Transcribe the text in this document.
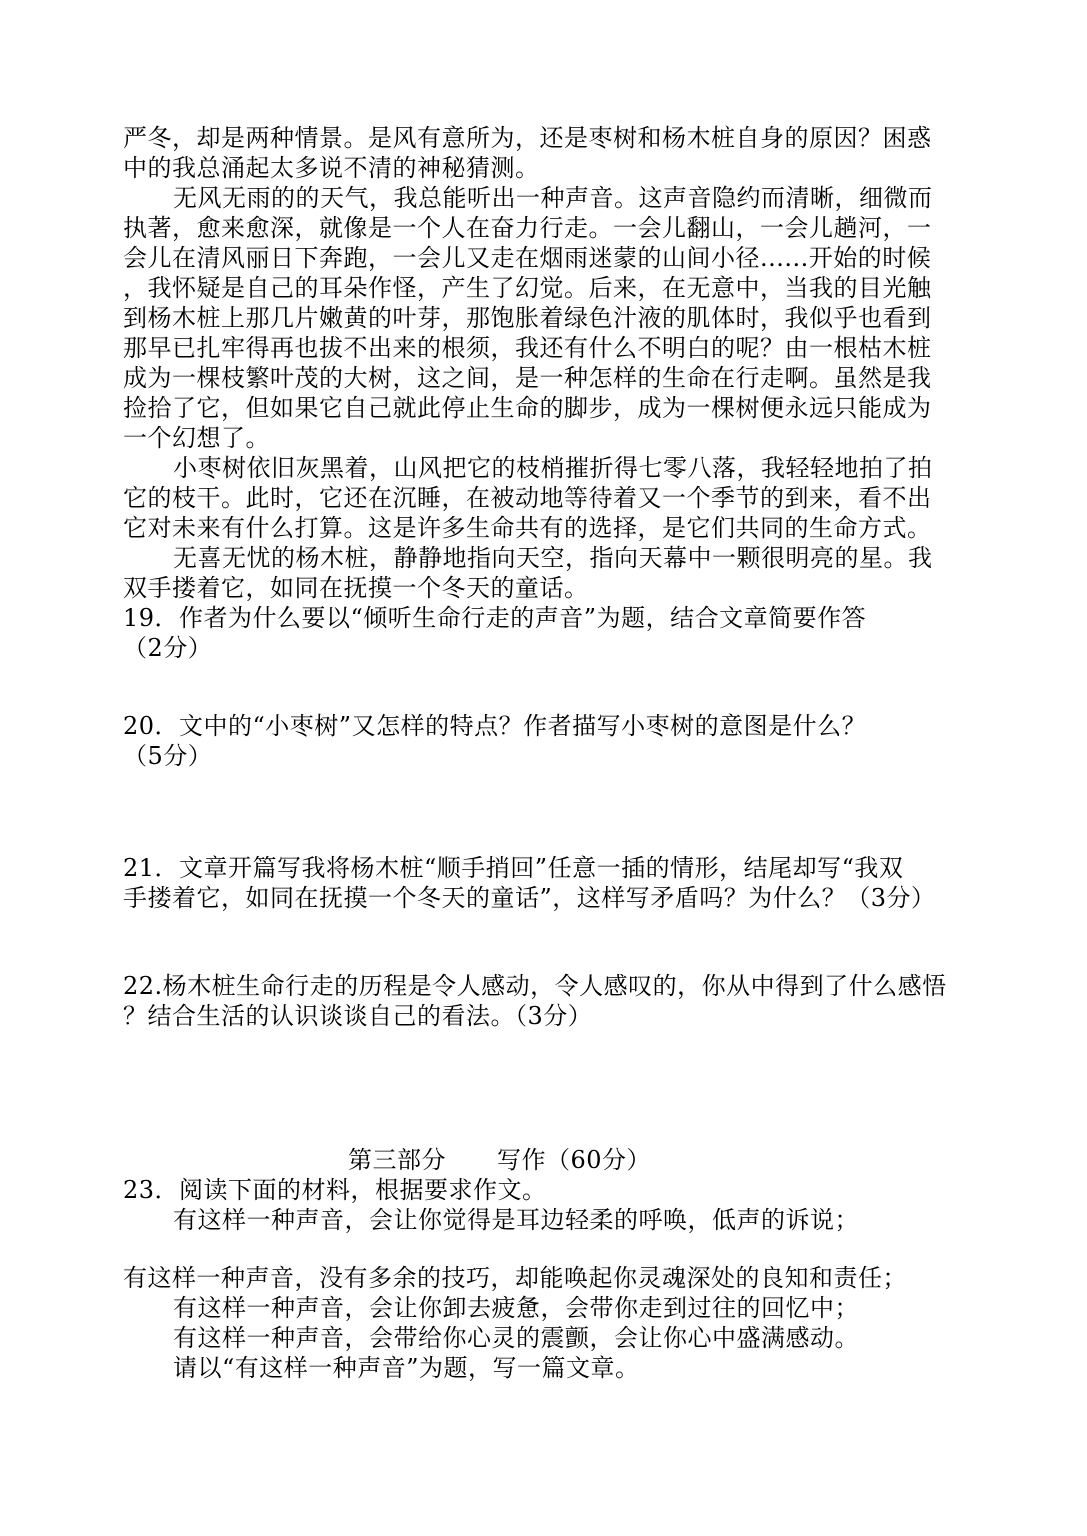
严冬，却是两种情景。是风有意所为，还是枣树和杨木桩自身的原因？困惑
中的我总涌起太多说不清的神秘猜测。
无风无雨的的天气，我总能听出一种声音。这声音隐约而清晰，细微而
执著，愈来愈深，就像是一个人在奋力行走。一会儿翻山，一会儿趟河，一
会儿在清风丽日下奔跑，一会儿又走在烟雨迷蒙的山间小径......开始的时候
，我怀疑是自己的耳朵作怪，产生了幻觉。后来，在无意中，当我的目光触
到杨木桩上那几片嫩黄的叶芽，那饱胀着绿色汁液的肌体时，我似乎也看到
那早已扎牢得再也拔不出来的根须，我还有什么不明白的呢？由一根枯木桩
成为一棵枝繁叶茂的大树，这之间，是一种怎样的生命在行走啊。虽然是我
捡拾了它，但如果它自己就此停止生命的脚步，成为一棵树便永远只能成为
一个幻想了。
小枣树依旧灰黑着，山风把它的枝梢摧折得七零八落，我轻轻地拍了拍
它的枝干。此时，它还在沉睡，在被动地等待着又一个季节的到来，看不出
它对未来有什么打算。这是许多生命共有的选择，是它们共同的生命方式。
无喜无忧的杨木桩，静静地指向天空，指向天幕中一颗很明亮的星。我
双手搂着它，如同在抚摸一个冬天的童话。
19．作者为什么要以“倾听生命行走的声音”为题，结合文章简要作答
（2分）
20．文中的“小枣树”又怎样的特点？作者描写小枣树的意图是什么？
（5分）
21．文章开篇写我将杨木桩“顺手捎回”任意一插的情形，结尾却写“我双
手搂着它，如同在抚摸一个冬天的童话”，这样写矛盾吗？为什么？（3分）
22.杨木桩生命行走的历程是令人感动，令人感叹的，你从中得到了什么感悟
？结合生活的认识谈谈自己的看法。（3分）
第三部分 写作（60分）
23．阅读下面的材料，根据要求作文。
有这样一种声音，会让你觉得是耳边轻柔的呼唤，低声的诉说；
有这样一种声音，没有多余的技巧，却能唤起你灵魂深处的良知和责任；
有这样一种声音，会让你卸去疲惫，会带你走到过往的回忆中；
有这样一种声音，会带给你心灵的震颤，会让你心中盛满感动。
请以“有这样一种声音”为题，写一篇文章。
